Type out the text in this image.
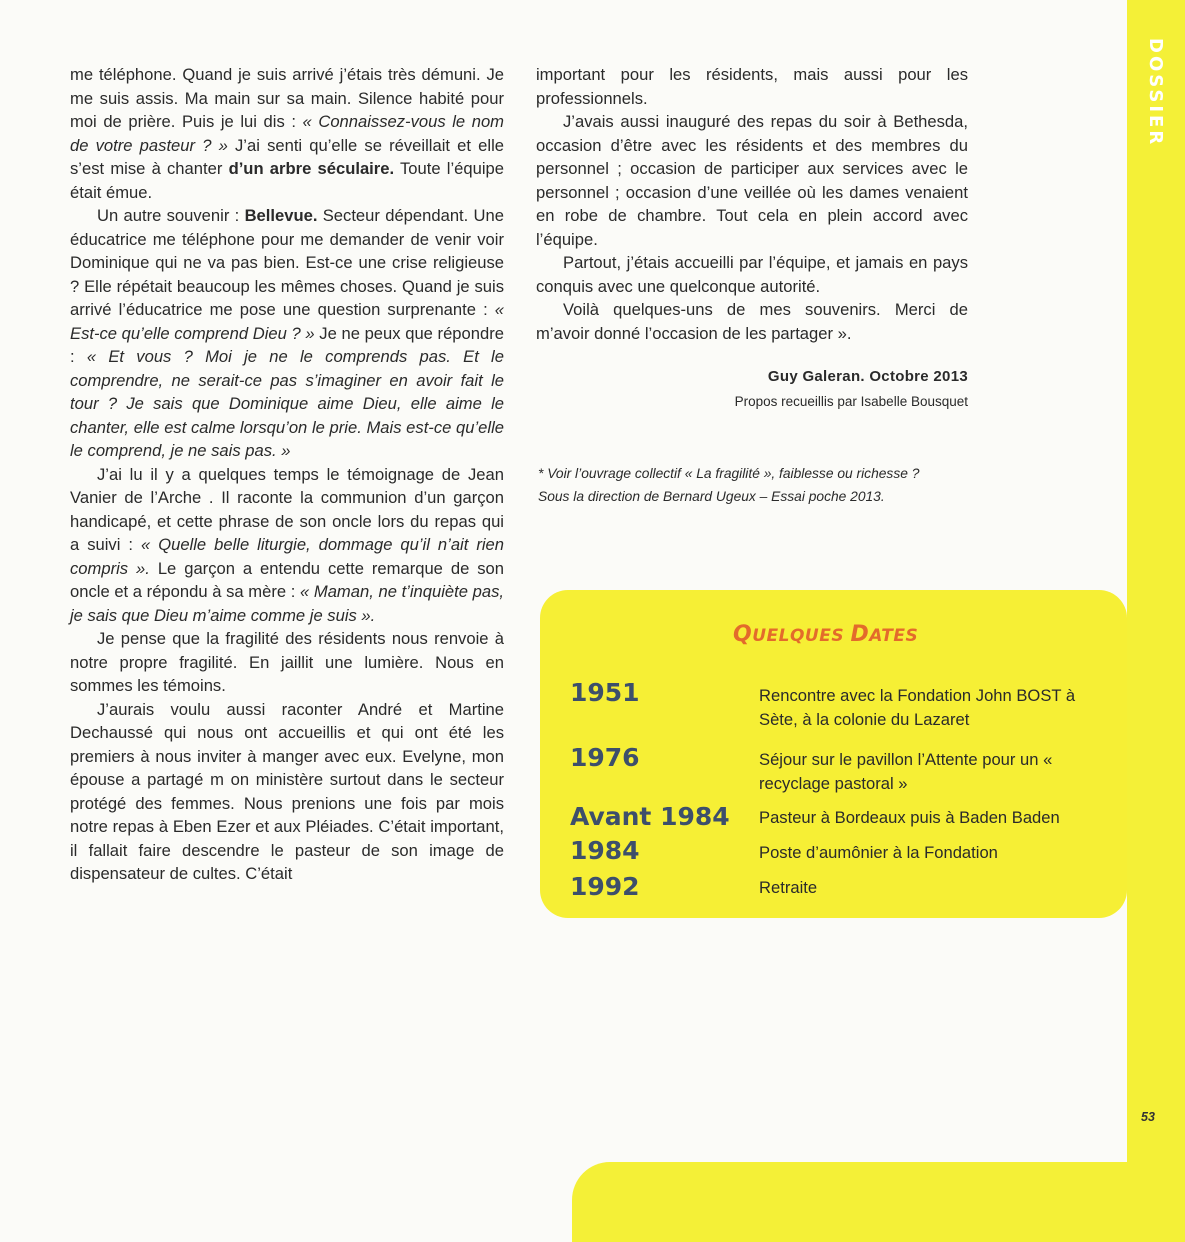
me téléphone. Quand je suis arrivé j’étais très démuni. Je me suis assis. Ma main sur sa main. Silence habité pour moi de prière. Puis je lui dis : « Connaissez-vous le nom de votre pasteur ? » J’ai senti qu’elle se réveillait et elle s’est mise à chanter d’un arbre séculaire. Toute l’équipe était émue.

Un autre souvenir : Bellevue. Secteur dépendant. Une éducatrice me téléphone pour me demander de venir voir Dominique qui ne va pas bien. Est-ce une crise religieuse ? Elle répétait beaucoup les mêmes choses. Quand je suis arrivé l’éducatrice me pose une question surprenante : « Est-ce qu’elle comprend Dieu ? » Je ne peux que répondre : « Et vous ? Moi je ne le comprends pas. Et le comprendre, ne serait-ce pas s’imaginer en avoir fait le tour ? Je sais que Dominique aime Dieu, elle aime le chanter, elle est calme lorsqu’on le prie. Mais est-ce qu’elle le comprend, je ne sais pas. »

J’ai lu il y a quelques temps le témoignage de Jean Vanier de l’Arche . Il raconte la communion d’un garçon handicapé, et cette phrase de son oncle lors du repas qui a suivi : « Quelle belle liturgie, dommage qu’il n’ait rien compris ». Le garçon a entendu cette remarque de son oncle et a répondu à sa mère : « Maman, ne t’inquiète pas, je sais que Dieu m’aime comme je suis ».

Je pense que la fragilité des résidents nous renvoie à notre propre fragilité. En jaillit une lumière. Nous en sommes les témoins.

J’aurais voulu aussi raconter André et Martine Dechaussé qui nous ont accueillis et qui ont été les premiers à nous inviter à manger avec eux. Evelyne, mon épouse a partagé m on ministère surtout dans le secteur protégé des femmes. Nous prenions une fois par mois notre repas à Eben Ezer et aux Pléiades. C’était important, il fallait faire descendre le pasteur de son image de dispensateur de cultes. C’était

important pour les résidents, mais aussi pour les professionnels.

J’avais aussi inauguré des repas du soir à Bethesda, occasion d’être avec les résidents et des membres du personnel ; occasion de participer aux services avec le personnel ; occasion d’une veillée où les dames venaient en robe de chambre. Tout cela en plein accord avec l’équipe.

Partout, j’étais accueilli par l’équipe, et jamais en pays conquis avec une quelconque autorité.

Voilà quelques-uns de mes souvenirs. Merci de m’avoir donné l’occasion de les partager ».

Guy Galeran. Octobre 2013
Propos recueillis par Isabelle Bousquet
* Voir l’ouvrage collectif « La fragilité », faiblesse ou richesse ?
Sous la direction de Bernard Ugeux – Essai poche 2013.
QUELQUES DATES
1951	Rencontre avec la Fondation John BOST à Sète, à la colonie du Lazaret
1976	Séjour sur le pavillon l’Attente pour un « recyclage pastoral »
Avant 1984 Pasteur à Bordeaux puis à Baden Baden
1984	Poste d’aumônier à la Fondation
1992	Retraite
DOSSIER
53
